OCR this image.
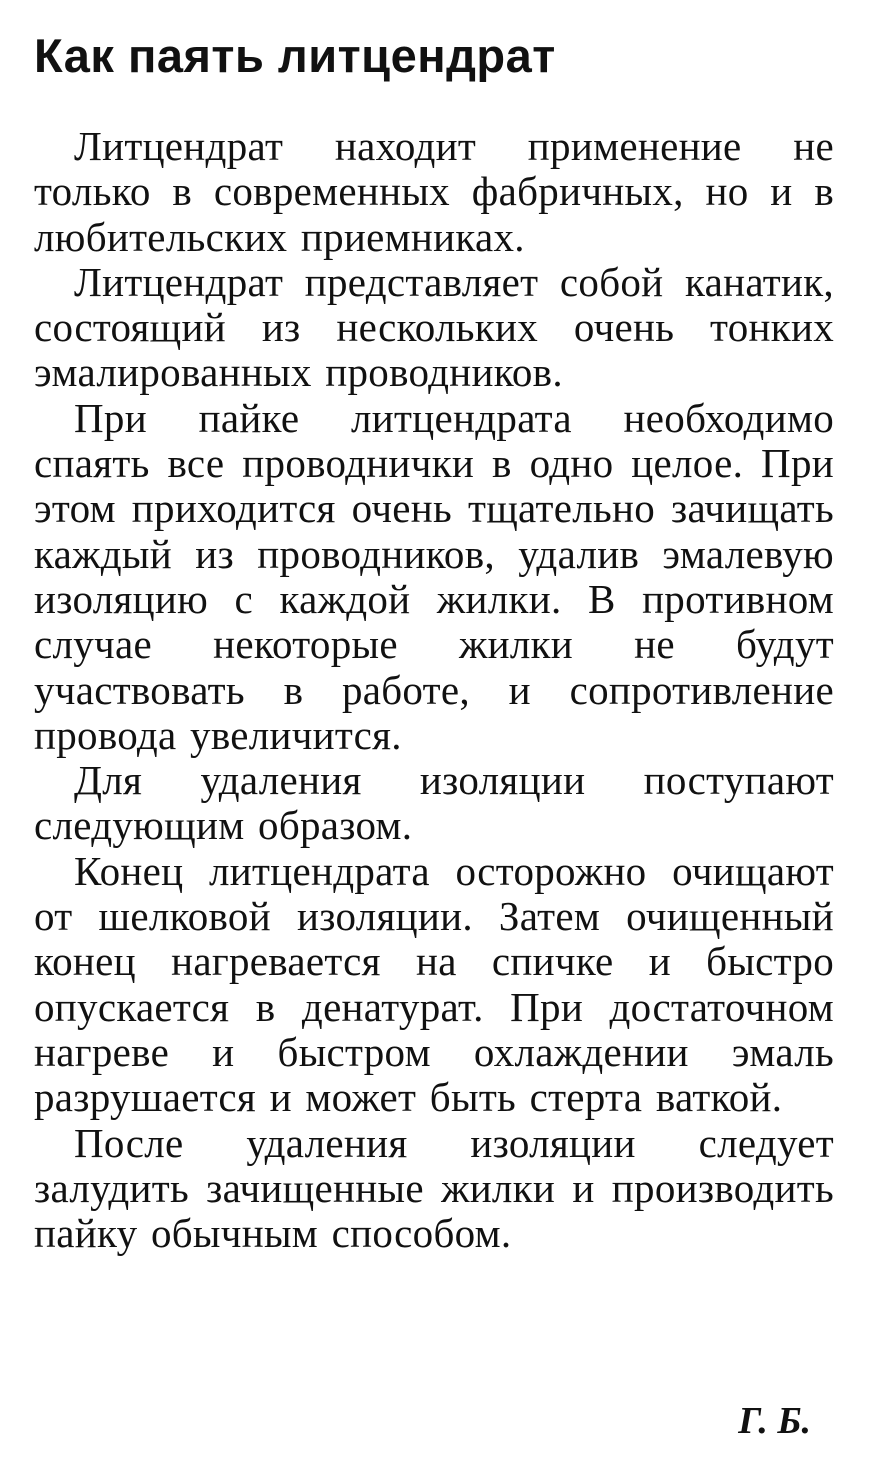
Как паять литцендрат

Литцендрат находит применение не только в современных фабричных, но и в любительских приемниках.

Литцендрат представляет собой канатик, состоящий из нескольких очень тонких эмалированных проводников.

При пайке литцендрата необходимо спаять все проводнички в одно целое. При этом приходится очень тщательно зачищать каждый из проводников, удалив эмалевую изоляцию с каждой жилки. В противном случае некоторые жилки не будут участвовать в работе, и сопротивление провода увеличится.

Для удаления изоляции поступают следующим образом.

Конец литцендрата осторожно очищают от шелковой изоляции. Затем очищенный конец нагревается на спичке и быстро опускается в денатурат. При достаточном нагреве и быстром охлаждении эмаль разрушается и может быть стерта ваткой.

После удаления изоляции следует залудить зачищенные жилки и производить пайку обычным способом.

Г. Б.
